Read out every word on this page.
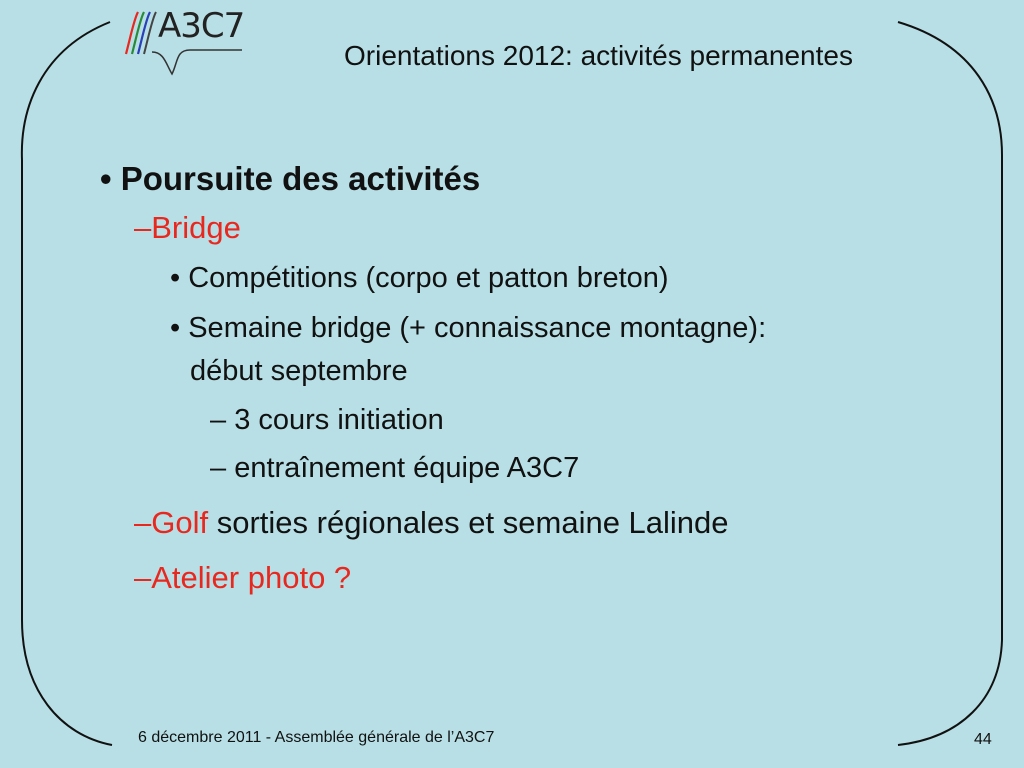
A3C7
Orientations 2012: activités permanentes
• Poursuite des activités
–Bridge
• Compétitions (corpo et patton breton)
• Semaine bridge (+ connaissance montagne):
début septembre
– 3 cours initiation
– entraînement équipe A3C7
–Golf sorties régionales et semaine Lalinde
–Atelier photo ?
6 décembre 2011 - Assemblée générale de l’A3C7	44
